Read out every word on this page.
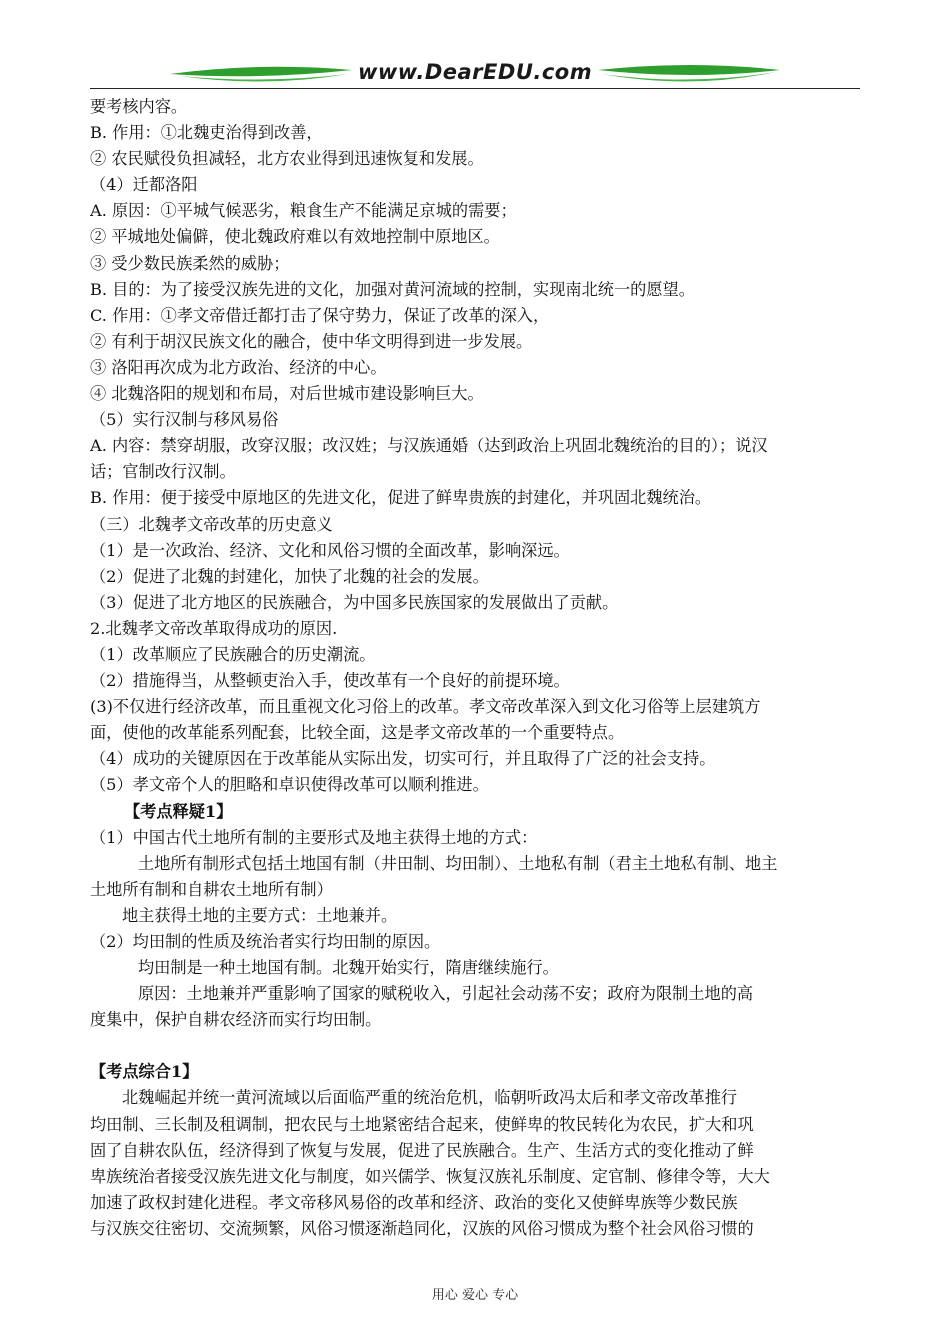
www.DearEDU.com
要考核内容。
B. 作用：①北魏吏治得到改善，
② 农民赋役负担减轻，北方农业得到迅速恢复和发展。
（4）迁都洛阳
A. 原因：①平城气候恶劣，粮食生产不能满足京城的需要；
② 平城地处偏僻，使北魏政府难以有效地控制中原地区。
③ 受少数民族柔然的威胁；
B. 目的：为了接受汉族先进的文化，加强对黄河流域的控制，实现南北统一的愿望。
C. 作用：①孝文帝借迁都打击了保守势力，保证了改革的深入，
② 有利于胡汉民族文化的融合，使中华文明得到进一步发展。
③ 洛阳再次成为北方政治、经济的中心。
④ 北魏洛阳的规划和布局，对后世城市建设影响巨大。
（5）实行汉制与移风易俗
A. 内容：禁穿胡服，改穿汉服；改汉姓；与汉族通婚（达到政治上巩固北魏统治的目的）；说汉
话；官制改行汉制。
B. 作用：便于接受中原地区的先进文化，促进了鲜卑贵族的封建化，并巩固北魏统治。
（三）北魏孝文帝改革的历史意义
（1）是一次政治、经济、文化和风俗习惯的全面改革，影响深远。
（2）促进了北魏的封建化，加快了北魏的社会的发展。
（3）促进了北方地区的民族融合，为中国多民族国家的发展做出了贡献。
2.北魏孝文帝改革取得成功的原因.
（1）改革顺应了民族融合的历史潮流。
（2）措施得当，从整顿吏治入手，使改革有一个良好的前提环境。
(3)不仅进行经济改革，而且重视文化习俗上的改革。孝文帝改革深入到文化习俗等上层建筑方
面，使他的改革能系列配套，比较全面，这是孝文帝改革的一个重要特点。
（4）成功的关键原因在于改革能从实际出发，切实可行，并且取得了广泛的社会支持。
（5）孝文帝个人的胆略和卓识使得改革可以顺利推进。
【考点释疑1】
（1）中国古代土地所有制的主要形式及地主获得土地的方式：
土地所有制形式包括土地国有制（井田制、均田制）、土地私有制（君主土地私有制、地主
土地所有制和自耕农土地所有制）
地主获得土地的主要方式：土地兼并。
（2）均田制的性质及统治者实行均田制的原因。
均田制是一种土地国有制。北魏开始实行，隋唐继续施行。
原因：土地兼并严重影响了国家的赋税收入，引起社会动荡不安；政府为限制土地的高
度集中，保护自耕农经济而实行均田制。
【考点综合1】
北魏崛起并统一黄河流域以后面临严重的统治危机，临朝听政冯太后和孝文帝改革推行
均田制、三长制及租调制，把农民与土地紧密结合起来，使鲜卑的牧民转化为农民，扩大和巩
固了自耕农队伍，经济得到了恢复与发展，促进了民族融合。生产、生活方式的变化推动了鲜
卑族统治者接受汉族先进文化与制度，如兴儒学、恢复汉族礼乐制度、定官制、修律令等，大大
加速了政权封建化进程。孝文帝移风易俗的改革和经济、政治的变化又使鲜卑族等少数民族
与汉族交往密切、交流频繁，风俗习惯逐渐趋同化，汉族的风俗习惯成为整个社会风俗习惯的
用心 爱心 专心
